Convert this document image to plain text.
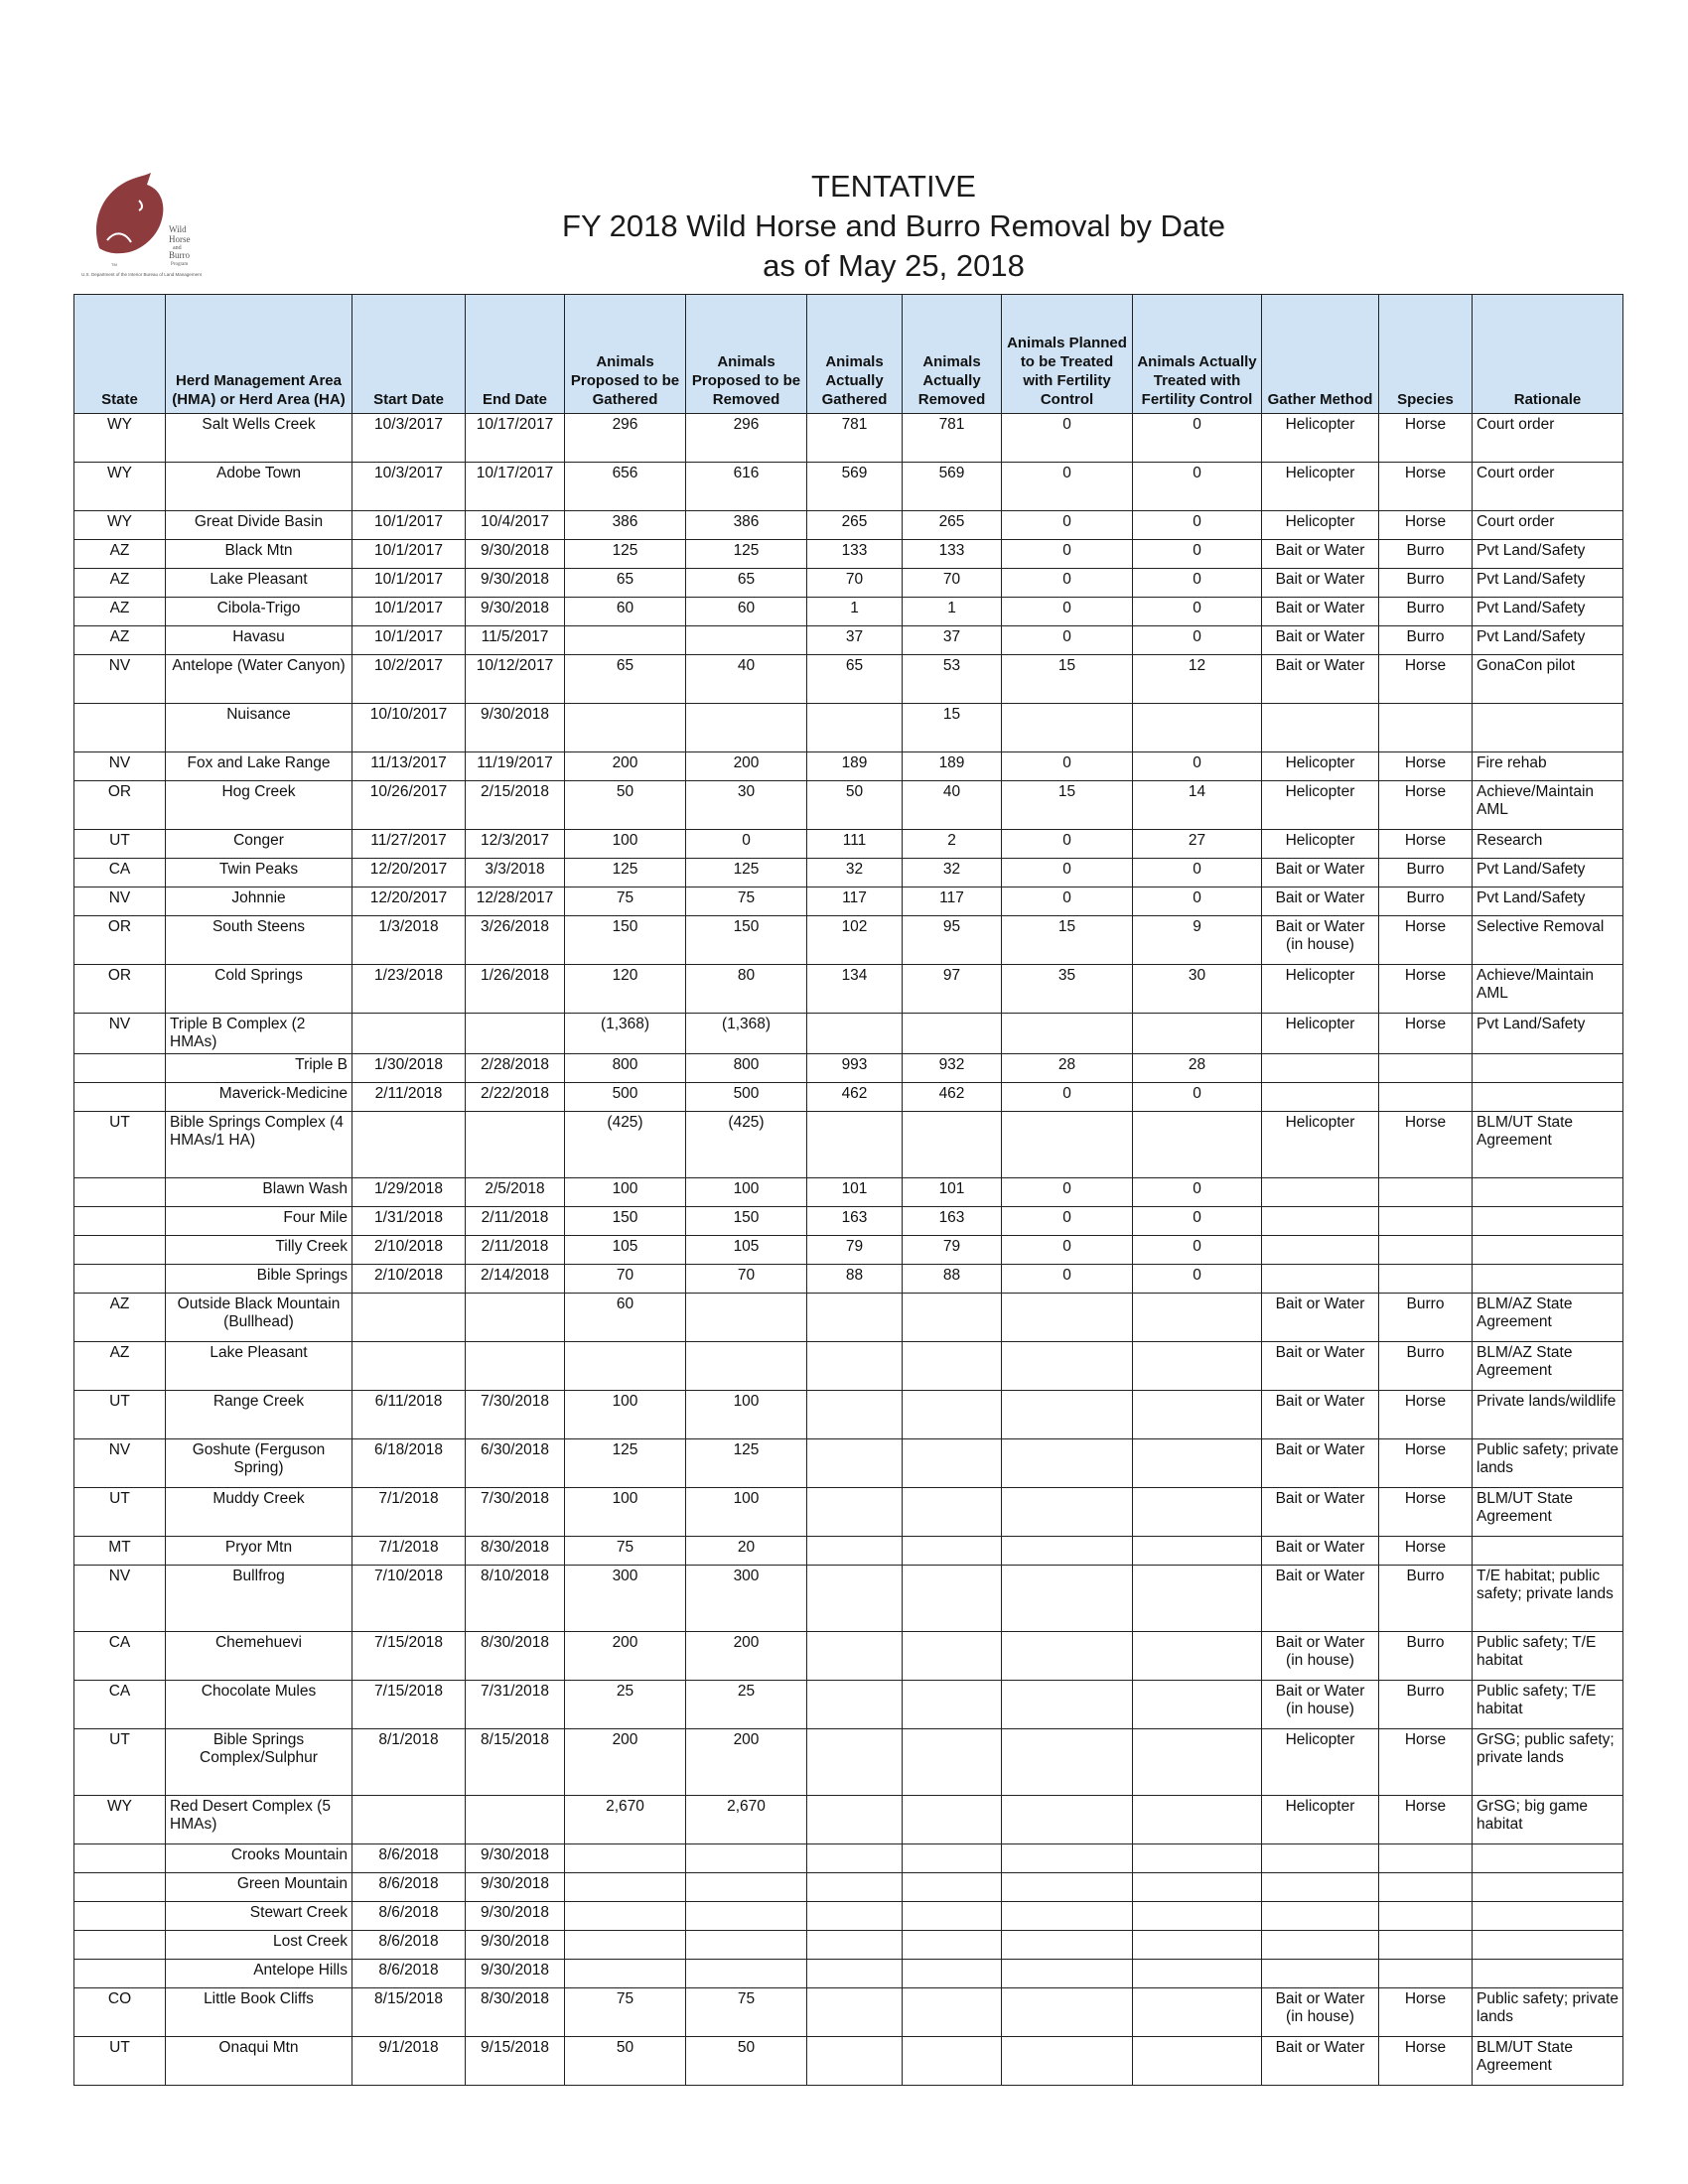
Wild
Horse
and
Burro
Program
U.S. Department of the Interior Bureau of Land Management
TM
TENTATIVE
FY 2018 Wild Horse and Burro Removal by Date
as of May 25, 2018
State	Herd Management Area (HMA) or Herd Area (HA)	Start Date	End Date	Animals Proposed to be Gathered	Animals Proposed to be Removed	Animals Actually Gathered	Animals Actually Removed	Animals Planned to be Treated with Fertility Control	Animals Actually Treated with Fertility Control	Gather Method	Species	Rationale
WY	Salt Wells Creek	10/3/2017	10/17/2017	296	296	781	781	0	0	Helicopter	Horse	Court order
WY	Adobe Town	10/3/2017	10/17/2017	656	616	569	569	0	0	Helicopter	Horse	Court order
WY	Great Divide Basin	10/1/2017	10/4/2017	386	386	265	265	0	0	Helicopter	Horse	Court order
AZ	Black Mtn	10/1/2017	9/30/2018	125	125	133	133	0	0	Bait or Water	Burro	Pvt Land/Safety
AZ	Lake Pleasant	10/1/2017	9/30/2018	65	65	70	70	0	0	Bait or Water	Burro	Pvt Land/Safety
AZ	Cibola-Trigo	10/1/2017	9/30/2018	60	60	1	1	0	0	Bait or Water	Burro	Pvt Land/Safety
AZ	Havasu	10/1/2017	11/5/2017			37	37	0	0	Bait or Water	Burro	Pvt Land/Safety
NV	Antelope (Water Canyon)	10/2/2017	10/12/2017	65	40	65	53	15	12	Bait or Water	Horse	GonaCon pilot
	Nuisance	10/10/2017	9/30/2018				15					
NV	Fox and Lake Range	11/13/2017	11/19/2017	200	200	189	189	0	0	Helicopter	Horse	Fire rehab
OR	Hog Creek	10/26/2017	2/15/2018	50	30	50	40	15	14	Helicopter	Horse	Achieve/Maintain AML
UT	Conger	11/27/2017	12/3/2017	100	0	111	2	0	27	Helicopter	Horse	Research
CA	Twin Peaks	12/20/2017	3/3/2018	125	125	32	32	0	0	Bait or Water	Burro	Pvt Land/Safety
NV	Johnnie	12/20/2017	12/28/2017	75	75	117	117	0	0	Bait or Water	Burro	Pvt Land/Safety
OR	South Steens	1/3/2018	3/26/2018	150	150	102	95	15	9	Bait or Water (in house)	Horse	Selective Removal
OR	Cold Springs	1/23/2018	1/26/2018	120	80	134	97	35	30	Helicopter	Horse	Achieve/Maintain AML
NV	Triple B Complex (2 HMAs)			(1,368)	(1,368)					Helicopter	Horse	Pvt Land/Safety
	Triple B	1/30/2018	2/28/2018	800	800	993	932	28	28			
	Maverick-Medicine	2/11/2018	2/22/2018	500	500	462	462	0	0			
UT	Bible Springs Complex (4 HMAs/1 HA)			(425)	(425)					Helicopter	Horse	BLM/UT State Agreement
	Blawn Wash	1/29/2018	2/5/2018	100	100	101	101	0	0			
	Four Mile	1/31/2018	2/11/2018	150	150	163	163	0	0			
	Tilly Creek	2/10/2018	2/11/2018	105	105	79	79	0	0			
	Bible Springs	2/10/2018	2/14/2018	70	70	88	88	0	0			
AZ	Outside Black Mountain (Bullhead)			60						Bait or Water	Burro	BLM/AZ State Agreement
AZ	Lake Pleasant									Bait or Water	Burro	BLM/AZ State Agreement
UT	Range Creek	6/11/2018	7/30/2018	100	100					Bait or Water	Horse	Private lands/wildlife
NV	Goshute (Ferguson Spring)	6/18/2018	6/30/2018	125	125					Bait or Water	Horse	Public safety; private lands
UT	Muddy Creek	7/1/2018	7/30/2018	100	100					Bait or Water	Horse	BLM/UT State Agreement
MT	Pryor Mtn	7/1/2018	8/30/2018	75	20					Bait or Water	Horse	
NV	Bullfrog	7/10/2018	8/10/2018	300	300					Bait or Water	Burro	T/E habitat; public safety; private lands
CA	Chemehuevi	7/15/2018	8/30/2018	200	200					Bait or Water (in house)	Burro	Public safety; T/E habitat
CA	Chocolate Mules	7/15/2018	7/31/2018	25	25					Bait or Water (in house)	Burro	Public safety; T/E habitat
UT	Bible Springs Complex/Sulphur	8/1/2018	8/15/2018	200	200					Helicopter	Horse	GrSG; public safety; private lands
WY	Red Desert Complex (5 HMAs)			2,670	2,670					Helicopter	Horse	GrSG; big game habitat
	Crooks Mountain	8/6/2018	9/30/2018									
	Green Mountain	8/6/2018	9/30/2018									
	Stewart Creek	8/6/2018	9/30/2018									
	Lost Creek	8/6/2018	9/30/2018									
	Antelope Hills	8/6/2018	9/30/2018									
CO	Little Book Cliffs	8/15/2018	8/30/2018	75	75					Bait or Water (in house)	Horse	Public safety; private lands
UT	Onaqui Mtn	9/1/2018	9/15/2018	50	50					Bait or Water	Horse	BLM/UT State Agreement
